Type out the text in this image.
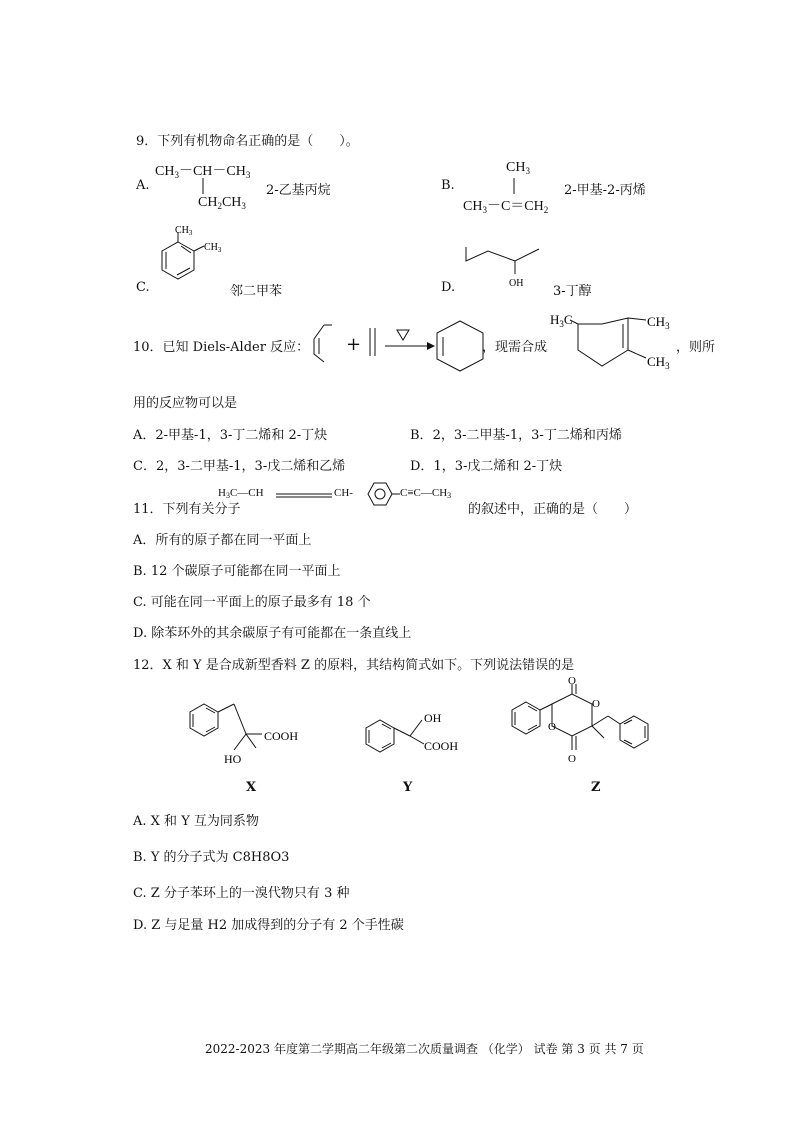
9．下列有机物命名正确的是（　　）。
A.
$CH_3-CH-CH_3$
$CH_2CH_3$
2-乙基丙烷	B.
$CH_3$
$CH_3-C=CH_2$
2-甲基-2-丙烯
C.
$CH_3$
$CH_3$
邻二甲苯	D.	OH
3-丁醇
10．已知 Diels-Alder 反应： +	，现需合成
$H_3C$	$CH_3$
$CH_3$
，则所
用的反应物可以是
A．2-甲基-1，3-丁二烯和 2-丁炔	B．2，3-二甲基-1，3-丁二烯和丙烯
C．2，3-二甲基-1，3-戊二烯和乙烯	D．1，3-戊二烯和 2-丁炔
11．下列有关分子
H3C—CH	CH-	C≡C—CH3
的叙述中，正确的是（　　）
A．所有的原子都在同一平面上
B. 12 个碳原子可能都在同一平面上
C. 可能在同一平面上的原子最多有 18 个
D. 除苯环外的其余碳原子有可能都在一条直线上
12．X 和 Y 是合成新型香料 Z 的原料，其结构简式如下。下列说法错误的是
COOH
HO
X
OH
COOH
Y
O
O
O
O
Z
A. X 和 Y 互为同系物
B. Y 的分子式为 C8H8O3
C. Z 分子苯环上的一溴代物只有 3 种
D. Z 与足量 H2 加成得到的分子有 2 个手性碳
2022-2023 年度第二学期高二年级第二次质量调查 （化学） 试卷 第 3 页 共 7 页
